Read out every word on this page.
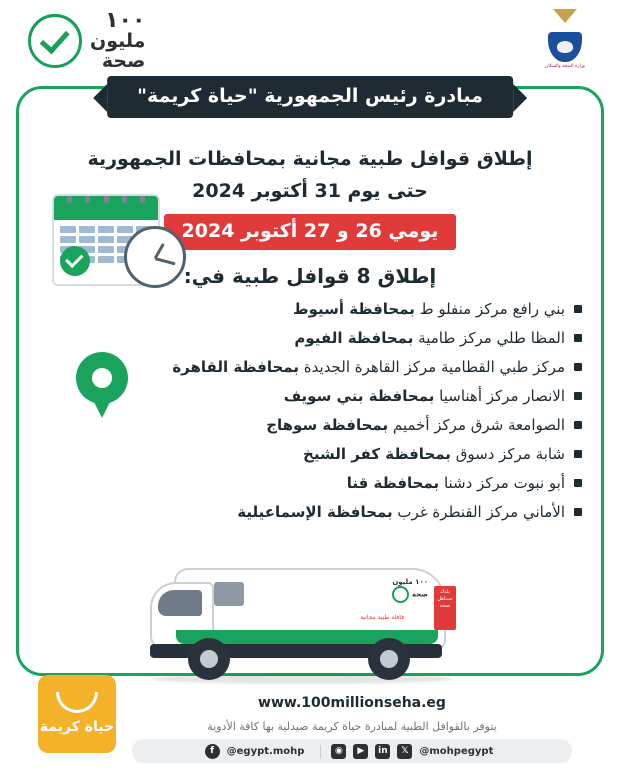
وزارة الصحة والسكان
١٠٠
مليون
صحة
مبادرة رئيس الجمهورية "حياة كريمة"
إطلاق قوافل طبية مجانية بمحافظات الجمهورية
حتى يوم 31 أكتوبر 2024
يومي 26 و 27 أكتوبر 2024
إطلاق 8 قوافل طبية في:
بني رافع مركز منفلو ط بمحافظة أسيوط
المظا طلي مركز طامية بمحافظة الفيوم
مركز طبي القطامية مركز القاهرة الجديدة بمحافظة القاهرة
الانصار مركز أهناسيا بمحافظة بني سويف
الصوامعة شرق مركز أخميم بمحافظة سوهاج
شابة مركز دسوق بمحافظة كفر الشيخ
أبو نبوت مركز دشنا بمحافظة قنا
الأماني مركز القنطرة غرب بمحافظة الإسماعيلية
١٠٠ مليون
صحة	بلدك تستاهل صحة
قافلة طبية مجانية
حياة كريمة
www.100millionseha.eg
يتوفر بالقوافل الطبية لمبادرة حياة كريمة صيدلية بها كافة الأدوية
f	@egypt.mohp	◉	▶	in	𝕏	@mohpegypt
